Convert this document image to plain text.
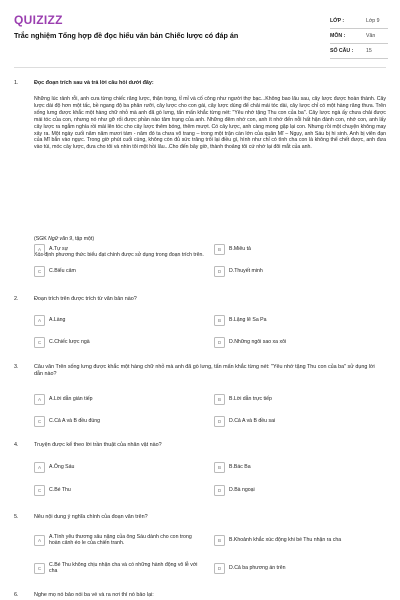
QUIZIZZ
Trắc nghiệm Tổng hợp đề đọc hiểu văn bản Chiếc lược có đáp án
LỚP :	Lớp 9
MÔN :	Văn
SỐ CÂU : 15
1.	Đọc đoạn trích sau và trả lời câu hỏi dưới đây:
Những lúc rảnh rỗi, anh cưa từng chiếc răng lược, thận trọng, tỉ mỉ và cố công như người thợ bạc...Không bao lâu sau, cây lược được hoàn thành. Cây lược dài độ hơn một tấc, bề ngang độ ba phân rưỡi, cây lược cho con gái, cây lược dùng để chải mái tóc dài, cây lược chỉ có một hàng răng thưa. Trên sống lưng được khắc một hàng chữ nhỏ mà anh đã gò lưng, tẩn mẩn khắc từng nét: "Yêu nhớ tặng Thu con của ba". Cây lược ngà ấy chưa chải được mái tóc của con, nhưng nó như gỡ rối được phần nào tâm trạng của anh. Những đêm nhớ con, anh ít nhớ đến nỗi hất hận đành con, nhớ con, anh lấy cây lược ra ngắm nghía rồi mài lên tóc cho cây lược thêm bóng, thêm mượt. Có cây lược, anh càng mong gặp lại con. Nhưng rồi một chuyện không may xảy ra. Một ngày cuối năm năm mươi tám - năm đó ta chưa võ trang – trong một trận càn lớn của quân Mĩ – Ngụy, anh Sáu bị hi sinh. Anh bị viên đạn của Mĩ bắn vào ngực. Trong giờ phút cuối cùng, không còn đủ sức trăng trối lại điều gì, hình như chỉ có tình cha con là không thể chết được, anh đưa vào túi, móc cây lược, đưa cho tôi và nhìn tôi một hồi lâu...Cho đến bây giờ, thành thoảng tôi cứ nhớ lại đôi mắt của anh.
(SGK Ngữ văn 9, tập một)
Xác định phương thức biểu đạt chính được sử dụng trong đoạn trích trên.
A	A.Tự sự	B	B.Miêu tả
C	C.Biểu cảm	D	D.Thuyết minh
2.	Đoạn trích trên được trích từ văn bản nào?
A	A.Làng	B	B.Lặng lẽ Sa Pa
C	C.Chiếc lược ngà	D	D.Những ngôi sao xa xôi
3.	Câu văn Trên sống lưng được khắc một hàng chữ nhỏ mà anh đã gò lưng, tẩn mẩn khắc từng nét: "Yêu nhớ tặng Thu con của ba" sử dụng lời dẫn nào?
A	A.Lời dẫn gián tiếp	B	B.Lời dẫn trực tiếp
C	C.Cả A và B đều đúng	D	D.Cả A và B đều sai
4.	Truyện được kể theo lời trần thuật của nhân vật nào?
A	A.Ông Sáu	B	B.Bác Ba
C	C.Bé Thu	D	D.Bà ngoại
5.	Nêu nội dung ý nghĩa chính của đoạn văn trên?
A
A.Tình yêu thương sâu nặng của ông Sáu dành cho con trong hoàn cảnh éo le của chiến tranh.	B	B.Khoảnh khắc xúc động khi bé Thu nhận ra cha
C
C.Bé Thu không chịu nhận cha và có những hành động vô lễ với cha	D	D.Cả ba phương án trên
6.	Nghe mọ nó bảo nói ba về và ra nơi thì nó bảo lại:
